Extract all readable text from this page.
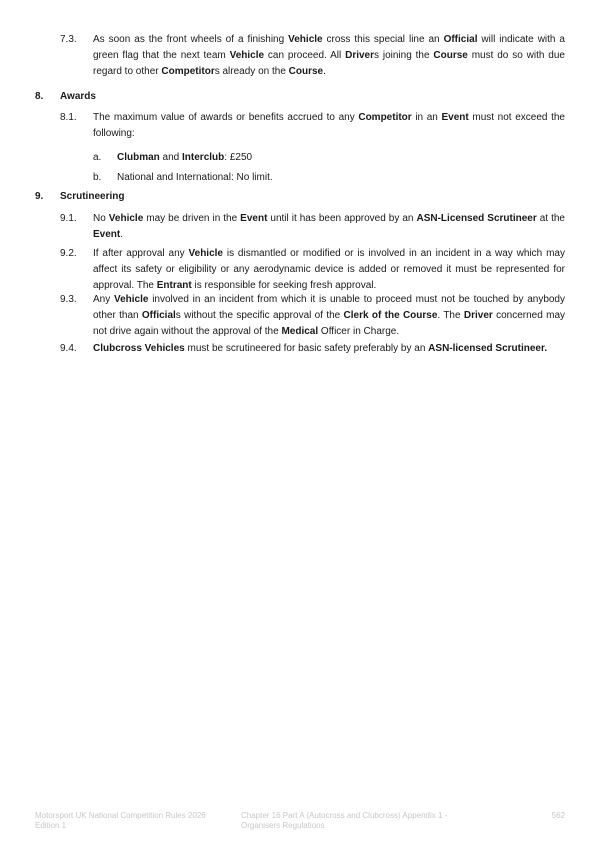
7.3. As soon as the front wheels of a finishing Vehicle cross this special line an Official will indicate with a green flag that the next team Vehicle can proceed. All Drivers joining the Course must do so with due regard to other Competitors already on the Course.

8. Awards
8.1. The maximum value of awards or benefits accrued to any Competitor in an Event must not exceed the following:

a. Clubman and Interclub: £250
b. National and International: No limit.
9. Scrutineering
9.1. No Vehicle may be driven in the Event until it has been approved by an ASN-Licensed Scrutineer at the Event.

9.2. If after approval any Vehicle is dismantled or modified or is involved in an incident in a way which may affect its safety or eligibility or any aerodynamic device is added or removed it must be represented for approval. The Entrant is responsible for seeking fresh approval.

9.3. Any Vehicle involved in an incident from which it is unable to proceed must not be touched by anybody other than Officials without the specific approval of the Clerk of the Course. The Driver concerned may not drive again without the approval of the Medical Officer in Charge.

9.4. Clubcross Vehicles must be scrutineered for basic safety preferably by an ASN-licensed Scrutineer.

Motorsport UK National Competition Rules 2026
Edition 1
Chapter 16 Part A (Autocross and Clubcross) Appendix 1 -
Organisers Regulations
562
